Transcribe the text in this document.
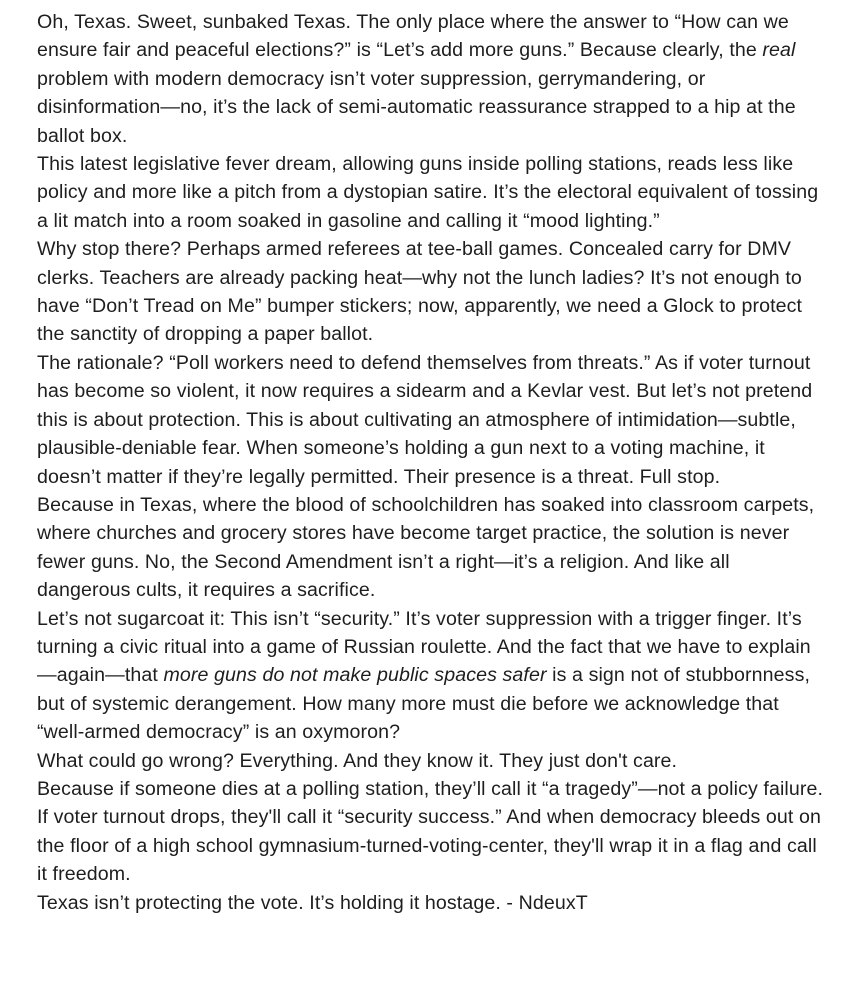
Oh, Texas. Sweet, sunbaked Texas. The only place where the answer to “How can we ensure fair and peaceful elections?” is “Let’s add more guns.” Because clearly, the real problem with modern democracy isn’t voter suppression, gerrymandering, or disinformation—no, it’s the lack of semi-automatic reassurance strapped to a hip at the ballot box.

This latest legislative fever dream, allowing guns inside polling stations, reads less like policy and more like a pitch from a dystopian satire. It’s the electoral equivalent of tossing a lit match into a room soaked in gasoline and calling it “mood lighting.”

Why stop there? Perhaps armed referees at tee-ball games. Concealed carry for DMV clerks. Teachers are already packing heat—why not the lunch ladies? It’s not enough to have “Don’t Tread on Me” bumper stickers; now, apparently, we need a Glock to protect the sanctity of dropping a paper ballot.

The rationale? “Poll workers need to defend themselves from threats.” As if voter turnout has become so violent, it now requires a sidearm and a Kevlar vest. But let’s not pretend this is about protection. This is about cultivating an atmosphere of intimidation—subtle, plausible-deniable fear. When someone’s holding a gun next to a voting machine, it doesn’t matter if they’re legally permitted. Their presence is a threat. Full stop.

Because in Texas, where the blood of schoolchildren has soaked into classroom carpets, where churches and grocery stores have become target practice, the solution is never fewer guns. No, the Second Amendment isn’t a right—it’s a religion. And like all dangerous cults, it requires a sacrifice.

Let’s not sugarcoat it: This isn’t “security.” It’s voter suppression with a trigger finger. It’s turning a civic ritual into a game of Russian roulette. And the fact that we have to explain—again—that more guns do not make public spaces safer is a sign not of stubbornness, but of systemic derangement. How many more must die before we acknowledge that “well-armed democracy” is an oxymoron?

What could go wrong? Everything. And they know it. They just don't care.

Because if someone dies at a polling station, they’ll call it “a tragedy”—not a policy failure. If voter turnout drops, they'll call it “security success.” And when democracy bleeds out on the floor of a high school gymnasium-turned-voting-center, they'll wrap it in a flag and call it freedom.

Texas isn’t protecting the vote. It’s holding it hostage. - NdeuxT
